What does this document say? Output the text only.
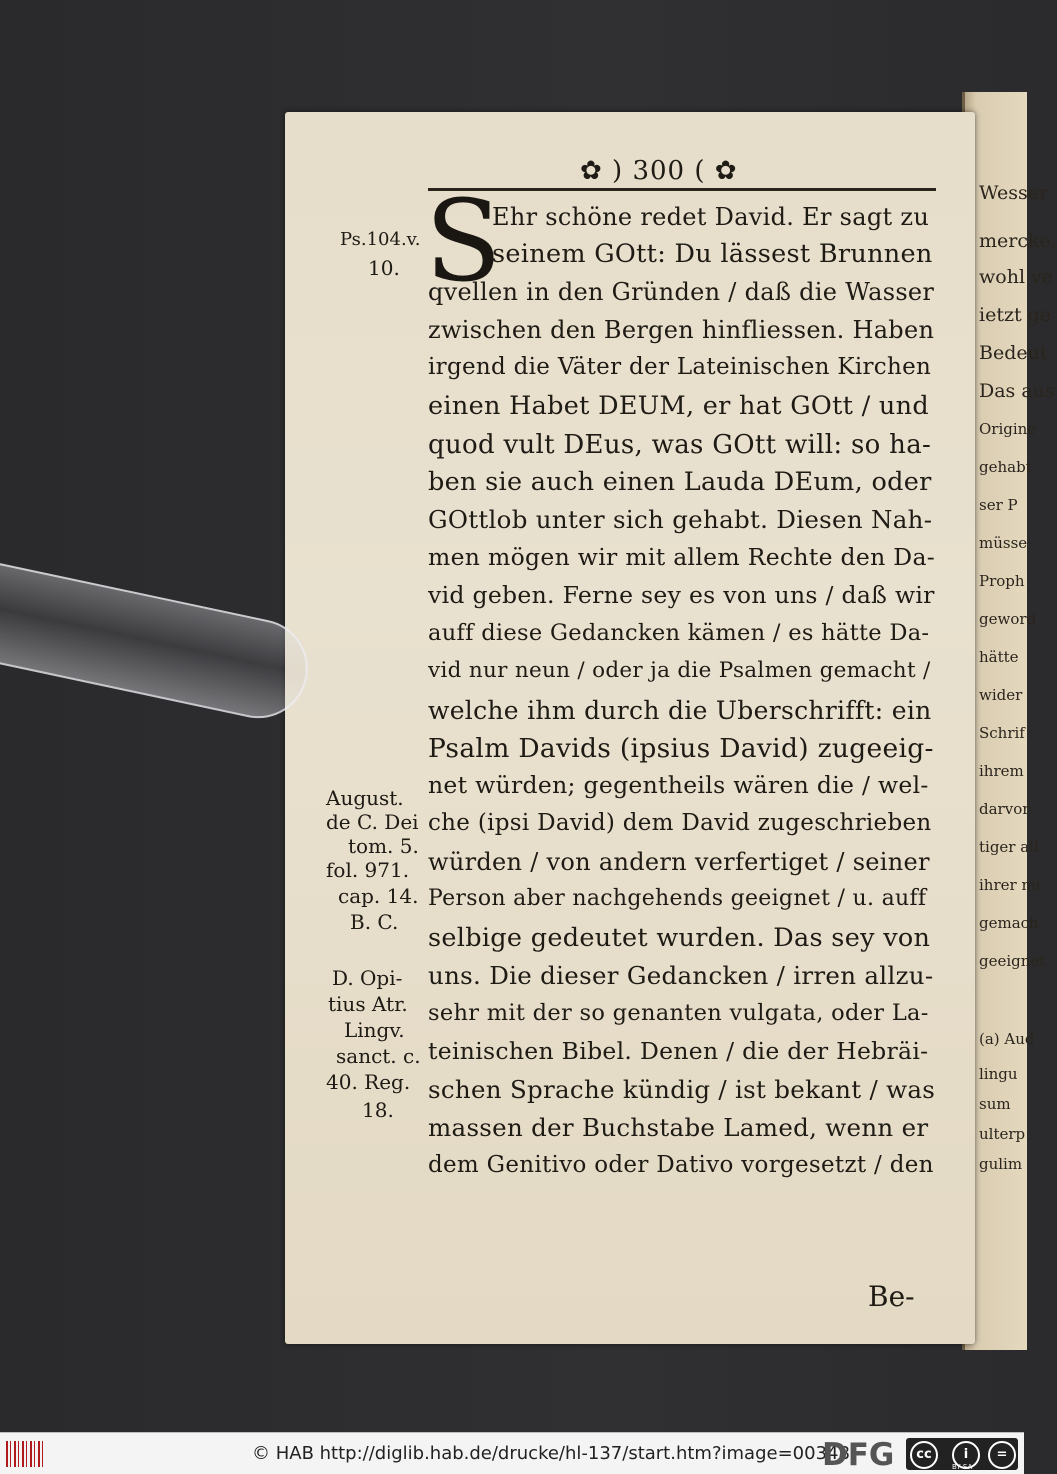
Wesser
mercke,
wohl ve
ietzt ge
Bedeut
Das aus
Origine
gehabt
ser P
müsse
Proph
geword
hätte
wider
Schrif
ihrem
darvor
tiger all
ihrer nu
gemach
geeignet
(a) Aud
lingu
sum
ulterp
gulim
✿ ) 300 ( ✿
S
Ehr schöne redet David. Er sagt zu
seinem GOtt: Du lässest Brunnen
qvellen in den Gründen / daß die Wasser
zwischen den Bergen hinfliessen. Haben
irgend die Väter der Lateinischen Kirchen
einen Habet DEUM, er hat GOtt / und
quod vult DEus, was GOtt will: so ha-
ben sie auch einen Lauda DEum, oder
GOttlob unter sich gehabt. Diesen Nah-
men mögen wir mit allem Rechte den Da-
vid geben. Ferne sey es von uns / daß wir
auff diese Gedancken kämen / es hätte Da-
vid nur neun / oder ja die Psalmen gemacht /
welche ihm durch die Uberschrifft: ein
Psalm Davids (ipsius David) zugeeig-
net würden; gegentheils wären die / wel-
che (ipsi David) dem David zugeschrieben
würden / von andern verfertiget / seiner
Person aber nachgehends geeignet / u. auff
selbige gedeutet wurden. Das sey von
uns. Die dieser Gedancken / irren allzu-
sehr mit der so genanten vulgata, oder La-
teinischen Bibel. Denen / die der Hebräi-
schen Sprache kündig / ist bekant / was
massen der Buchstabe Lamed, wenn er
dem Genitivo oder Dativo vorgesetzt / den
Be-
Ps.104.v.
10.
August.
de C. Dei
tom. 5.
fol. 971.
cap. 14.
B. C.
D. Opi-
tius Atr.
Lingv.
sanct. c.
40. Reg.
18.
© HAB http://diglib.hab.de/drucke/hl-137/start.htm?image=00348
DFG	cc	i	=
BY SA
